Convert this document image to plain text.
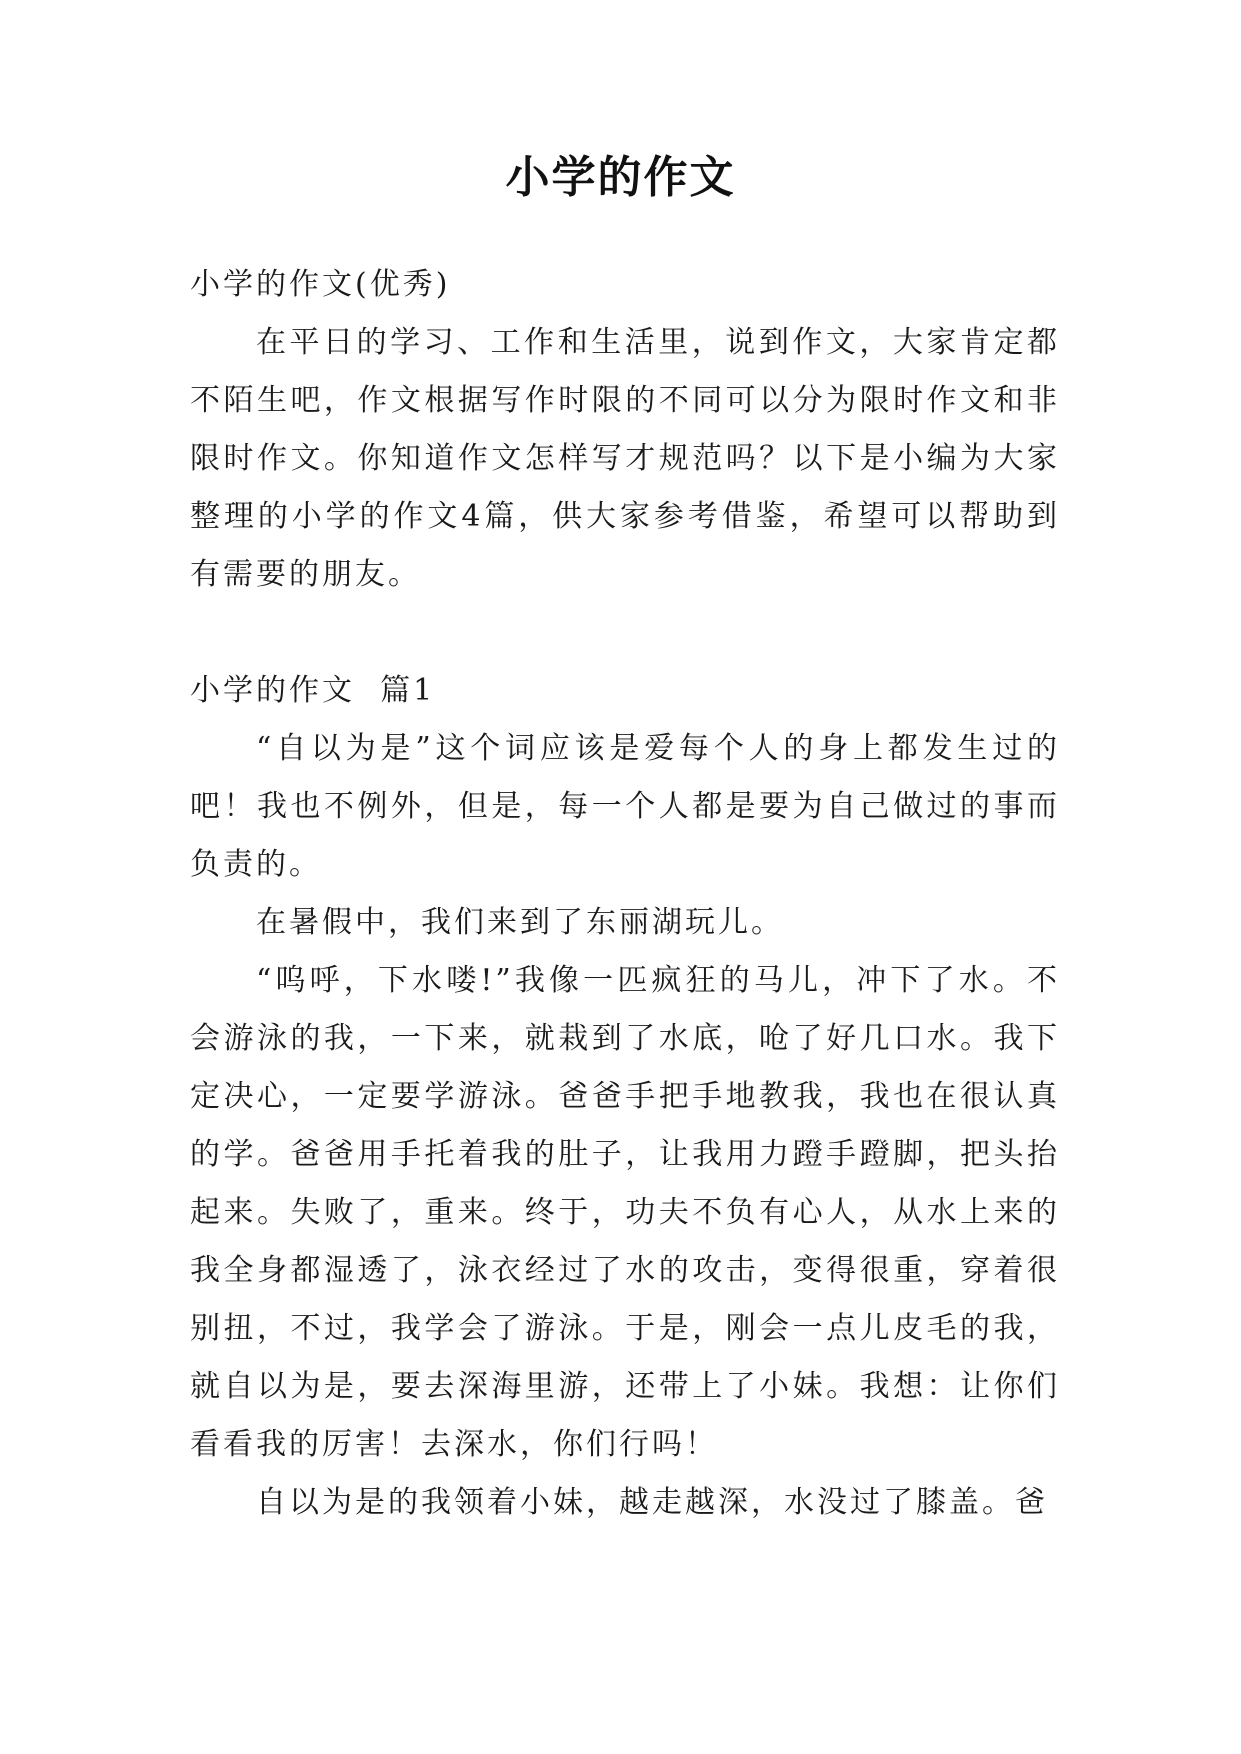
小学的作文

小学的作文(优秀)

在平日的学习、工作和生活里，说到作文，大家肯定都不陌生吧，作文根据写作时限的不同可以分为限时作文和非限时作文。你知道作文怎样写才规范吗？以下是小编为大家整理的小学的作文4篇，供大家参考借鉴，希望可以帮助到有需要的朋友。

小学的作文  篇1

“自以为是”这个词应该是爱每个人的身上都发生过的吧！我也不例外，但是，每一个人都是要为自己做过的事而负责的。

在暑假中，我们来到了东丽湖玩儿。

“呜呼，下水喽!”我像一匹疯狂的马儿，冲下了水。不会游泳的我，一下来，就栽到了水底，呛了好几口水。我下定决心，一定要学游泳。爸爸手把手地教我，我也在很认真的学。爸爸用手托着我的肚子，让我用力蹬手蹬脚，把头抬起来。失败了，重来。终于，功夫不负有心人，从水上来的我全身都湿透了，泳衣经过了水的攻击，变得很重，穿着很别扭，不过，我学会了游泳。于是，刚会一点儿皮毛的我，就自以为是，要去深海里游，还带上了小妹。我想：让你们看看我的厉害！去深水，你们行吗！

自以为是的我领着小妹，越走越深，水没过了膝盖。爸
